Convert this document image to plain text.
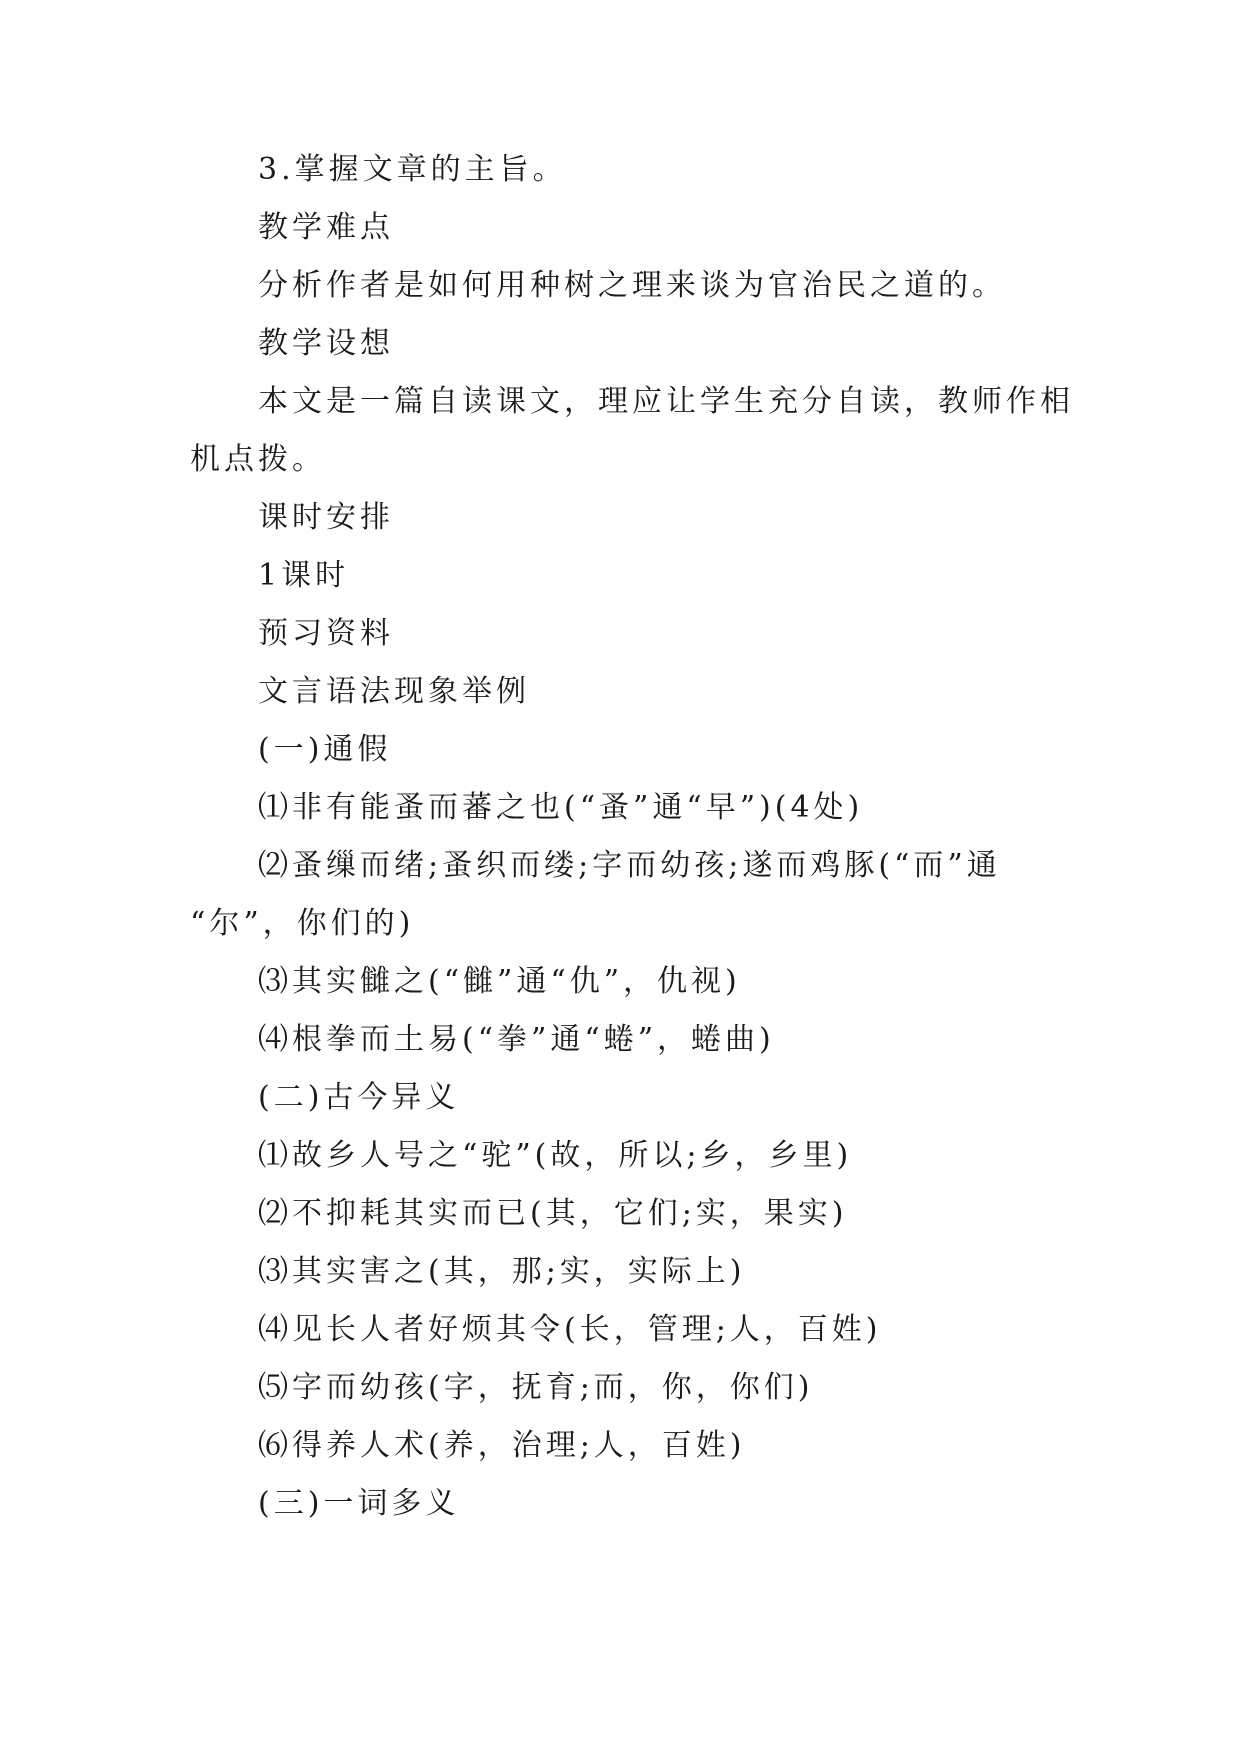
3.掌握文章的主旨。
教学难点
分析作者是如何用种树之理来谈为官治民之道的。
教学设想
本文是一篇自读课文，理应让学生充分自读，教师作相
机点拨。
课时安排
1课时
预习资料
文言语法现象举例
(一)通假
⑴非有能蚤而蕃之也(“蚤”通“早”)(4处)
⑵蚤缫而绪;蚤织而缕;字而幼孩;遂而鸡豚(“而”通
“尔”，你们的)
⑶其实雠之(“雠”通“仇”，仇视)
⑷根拳而土易(“拳”通“蜷”，蜷曲)
(二)古今异义
⑴故乡人号之“驼”(故，所以;乡，乡里)
⑵不抑耗其实而已(其，它们;实，果实)
⑶其实害之(其，那;实，实际上)
⑷见长人者好烦其令(长，管理;人，百姓)
⑸字而幼孩(字，抚育;而，你，你们)
⑹得养人术(养，治理;人，百姓)
(三)一词多义
